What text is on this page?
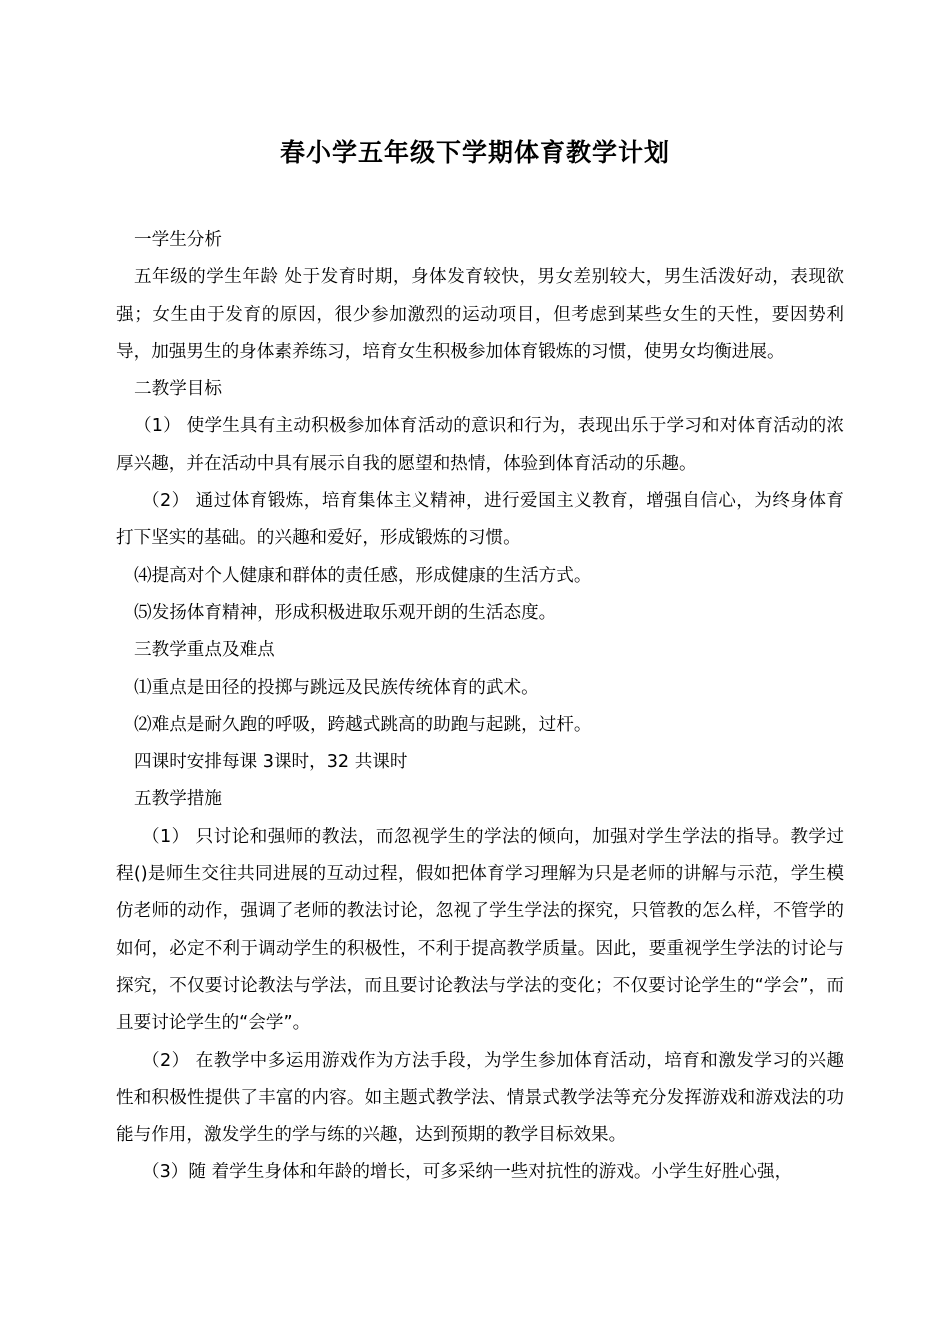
春小学五年级下学期体育教学计划

一学生分析

五年级的学生年龄 处于发育时期，身体发育较快，男女差别较大，男生活泼好动，表现欲强；女生由于发育的原因，很少参加激烈的运动项目，但考虑到某些女生的天性，要因势利导，加强男生的身体素养练习，培育女生积极参加体育锻炼的习惯，使男女均衡进展。

二教学目标

（1） 使学生具有主动积极参加体育活动的意识和行为，表现出乐于学习和对体育活动的浓厚兴趣，并在活动中具有展示自我的愿望和热情，体验到体育活动的乐趣。

（2） 通过体育锻炼，培育集体主义精神，进行爱国主义教育，增强自信心，为终身体育打下坚实的基础。的兴趣和爱好，形成锻炼的习惯。

⑷提高对个人健康和群体的责任感，形成健康的生活方式。

⑸发扬体育精神，形成积极进取乐观开朗的生活态度。

三教学重点及难点

⑴重点是田径的投掷与跳远及民族传统体育的武术。

⑵难点是耐久跑的呼吸，跨越式跳高的助跑与起跳，过杆。

四课时安排每课 3课时，32 共课时

五教学措施

（1） 只讨论和强师的教法，而忽视学生的学法的倾向，加强对学生学法的指导。教学过程()是师生交往共同进展的互动过程，假如把体育学习理解为只是老师的讲解与示范，学生模仿老师的动作，强调了老师的教法讨论，忽视了学生学法的探究，只管教的怎么样，不管学的如何，必定不利于调动学生的积极性，不利于提高教学质量。因此，要重视学生学法的讨论与探究，不仅要讨论教法与学法，而且要讨论教法与学法的变化；不仅要讨论学生的“学会”，而且要讨论学生的“会学”。

（2） 在教学中多运用游戏作为方法手段，为学生参加体育活动，培育和激发学习的兴趣性和积极性提供了丰富的内容。如主题式教学法、情景式教学法等充分发挥游戏和游戏法的功能与作用，激发学生的学与练的兴趣，达到预期的教学目标效果。

（3）随 着学生身体和年龄的增长，可多采纳一些对抗性的游戏。小学生好胜心强，
